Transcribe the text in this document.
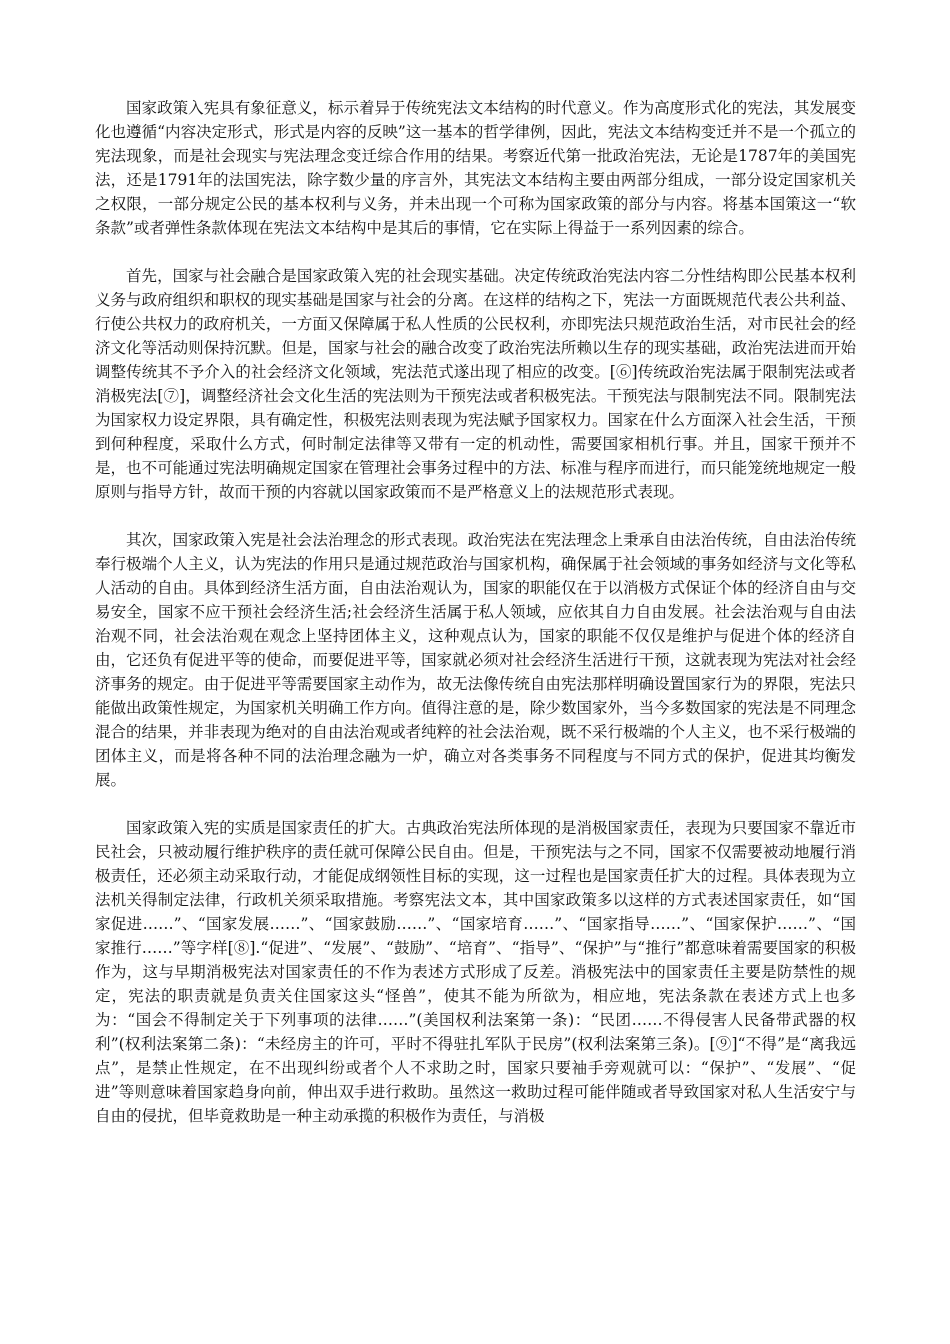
国家政策入宪具有象征意义，标示着异于传统宪法文本结构的时代意义。作为高度形式化的宪法，其发展变化也遵循“内容决定形式，形式是内容的反映”这一基本的哲学律例，因此，宪法文本结构变迁并不是一个孤立的宪法现象，而是社会现实与宪法理念变迁综合作用的结果。考察近代第一批政治宪法，无论是1787年的美国宪法，还是1791年的法国宪法，除字数少量的序言外，其宪法文本结构主要由两部分组成，一部分设定国家机关之权限，一部分规定公民的基本权利与义务，并未出现一个可称为国家政策的部分与内容。将基本国策这一“软条款”或者弹性条款体现在宪法文本结构中是其后的事情，它在实际上得益于一系列因素的综合。

首先，国家与社会融合是国家政策入宪的社会现实基础。决定传统政治宪法内容二分性结构即公民基本权利义务与政府组织和职权的现实基础是国家与社会的分离。在这样的结构之下，宪法一方面既规范代表公共利益、行使公共权力的政府机关，一方面又保障属于私人性质的公民权利，亦即宪法只规范政治生活，对市民社会的经济文化等活动则保持沉默。但是，国家与社会的融合改变了政治宪法所赖以生存的现实基础，政治宪法进而开始调整传统其不予介入的社会经济文化领域，宪法范式遂出现了相应的改变。[⑥]传统政治宪法属于限制宪法或者消极宪法[⑦]，调整经济社会文化生活的宪法则为干预宪法或者积极宪法。干预宪法与限制宪法不同。限制宪法为国家权力设定界限，具有确定性，积极宪法则表现为宪法赋予国家权力。国家在什么方面深入社会生活，干预到何种程度，采取什么方式，何时制定法律等又带有一定的机动性，需要国家相机行事。并且，国家干预并不是，也不可能通过宪法明确规定国家在管理社会事务过程中的方法、标准与程序而进行，而只能笼统地规定一般原则与指导方针，故而干预的内容就以国家政策而不是严格意义上的法规范形式表现。

其次，国家政策入宪是社会法治理念的形式表现。政治宪法在宪法理念上秉承自由法治传统，自由法治传统奉行极端个人主义，认为宪法的作用只是通过规范政治与国家机构，确保属于社会领域的事务如经济与文化等私人活动的自由。具体到经济生活方面，自由法治观认为，国家的职能仅在于以消极方式保证个体的经济自由与交易安全，国家不应干预社会经济生活;社会经济生活属于私人领域，应依其自力自由发展。社会法治观与自由法治观不同，社会法治观在观念上坚持团体主义，这种观点认为，国家的职能不仅仅是维护与促进个体的经济自由，它还负有促进平等的使命，而要促进平等，国家就必须对社会经济生活进行干预，这就表现为宪法对社会经济事务的规定。由于促进平等需要国家主动作为，故无法像传统自由宪法那样明确设置国家行为的界限，宪法只能做出政策性规定，为国家机关明确工作方向。值得注意的是，除少数国家外，当今多数国家的宪法是不同理念混合的结果，并非表现为绝对的自由法治观或者纯粹的社会法治观，既不采行极端的个人主义，也不采行极端的团体主义，而是将各种不同的法治理念融为一炉，确立对各类事务不同程度与不同方式的保护，促进其均衡发展。

国家政策入宪的实质是国家责任的扩大。古典政治宪法所体现的是消极国家责任，表现为只要国家不靠近市民社会，只被动履行维护秩序的责任就可保障公民自由。但是，干预宪法与之不同，国家不仅需要被动地履行消极责任，还必须主动采取行动，才能促成纲领性目标的实现，这一过程也是国家责任扩大的过程。具体表现为立法机关得制定法律，行政机关须采取措施。考察宪法文本，其中国家政策多以这样的方式表述国家责任，如“国家促进……”、“国家发展……”、“国家鼓励……”、“国家培育……”、“国家指导……”、“国家保护……”、“国家推行……”等字样[⑧].“促进”、“发展”、“鼓励”、“培育”、“指导”、“保护”与“推行”都意味着需要国家的积极作为，这与早期消极宪法对国家责任的不作为表述方式形成了反差。消极宪法中的国家责任主要是防禁性的规定，宪法的职责就是负责关住国家这头“怪兽”，使其不能为所欲为，相应地，宪法条款在表述方式上也多为：“国会不得制定关于下列事项的法律……”(美国权利法案第一条)：“民团……不得侵害人民备带武器的权利”(权利法案第二条)：“未经房主的许可，平时不得驻扎军队于民房”(权利法案第三条)。[⑨]“不得”是“离我远点”，是禁止性规定，在不出现纠纷或者个人不求助之时，国家只要袖手旁观就可以：“保护”、“发展”、“促进”等则意味着国家趋身向前，伸出双手进行救助。虽然这一救助过程可能伴随或者导致国家对私人生活安宁与自由的侵扰，但毕竟救助是一种主动承揽的积极作为责任，与消极
